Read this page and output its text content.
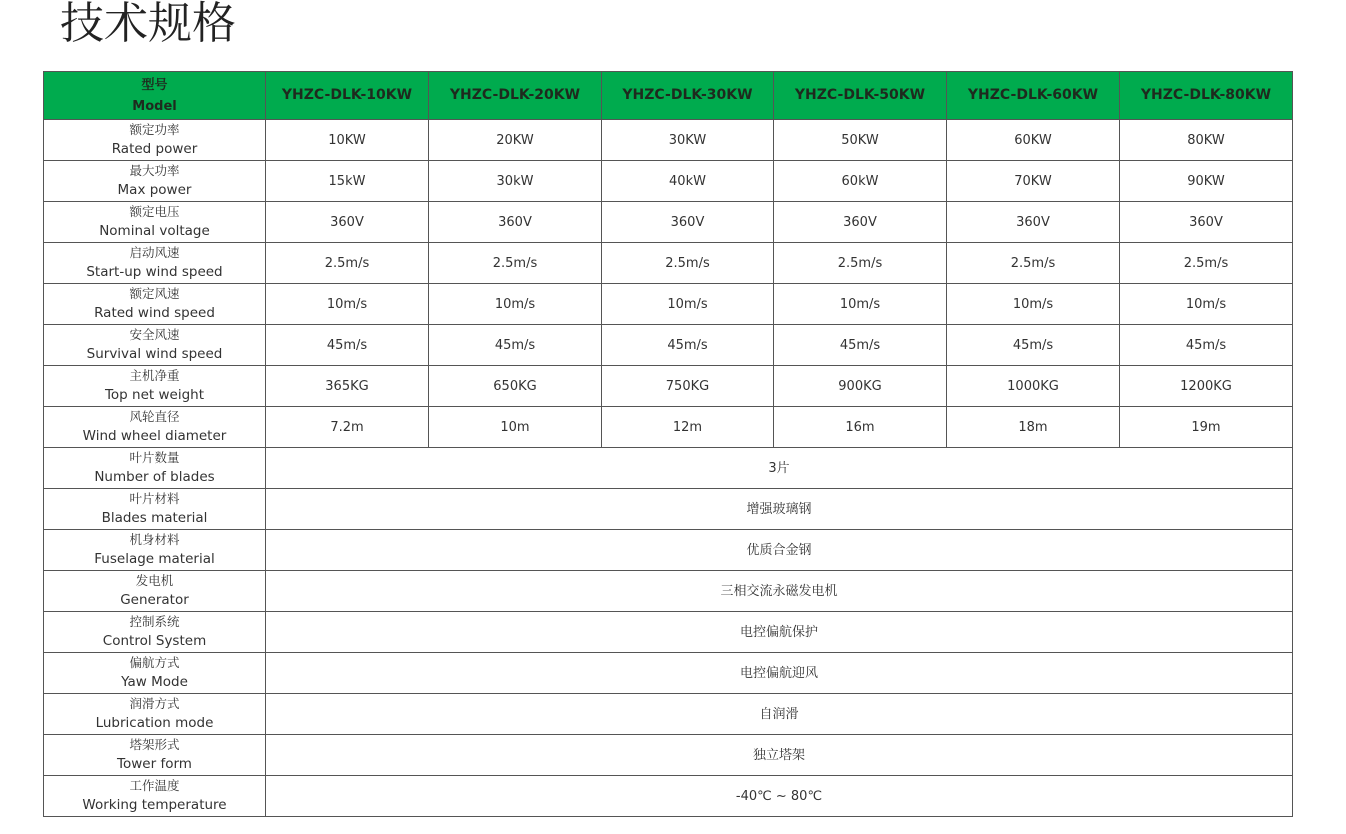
技术规格
型号
Model	YHZC-DLK-10KW	YHZC-DLK-20KW	YHZC-DLK-30KW	YHZC-DLK-50KW	YHZC-DLK-60KW	YHZC-DLK-80KW

额定功率
Rated power	10KW	20KW	30KW	50KW	60KW	80KW

最大功率
Max power	15kW	30kW	40kW	60kW	70KW	90KW

额定电压
Nominal voltage	360V	360V	360V	360V	360V	360V

启动风速
Start-up wind speed	2.5m/s	2.5m/s	2.5m/s	2.5m/s	2.5m/s	2.5m/s

额定风速
Rated wind speed	10m/s	10m/s	10m/s	10m/s	10m/s	10m/s

安全风速
Survival wind speed	45m/s	45m/s	45m/s	45m/s	45m/s	45m/s

主机净重
Top net weight	365KG	650KG	750KG	900KG	1000KG	1200KG

风轮直径
Wind wheel diameter	7.2m	10m	12m	16m	18m	19m

叶片数量
Number of blades	3片					

叶片材料
Blades material	增强玻璃钢					

机身材料
Fuselage material	优质合金钢					

发电机
Generator	三相交流永磁发电机					

控制系统
Control System	电控偏航保护					

偏航方式
Yaw Mode	电控偏航迎风					

润滑方式
Lubrication mode	自润滑					

塔架形式
Tower form	独立塔架					

工作温度
Working temperature	-40℃ ~ 80℃					
